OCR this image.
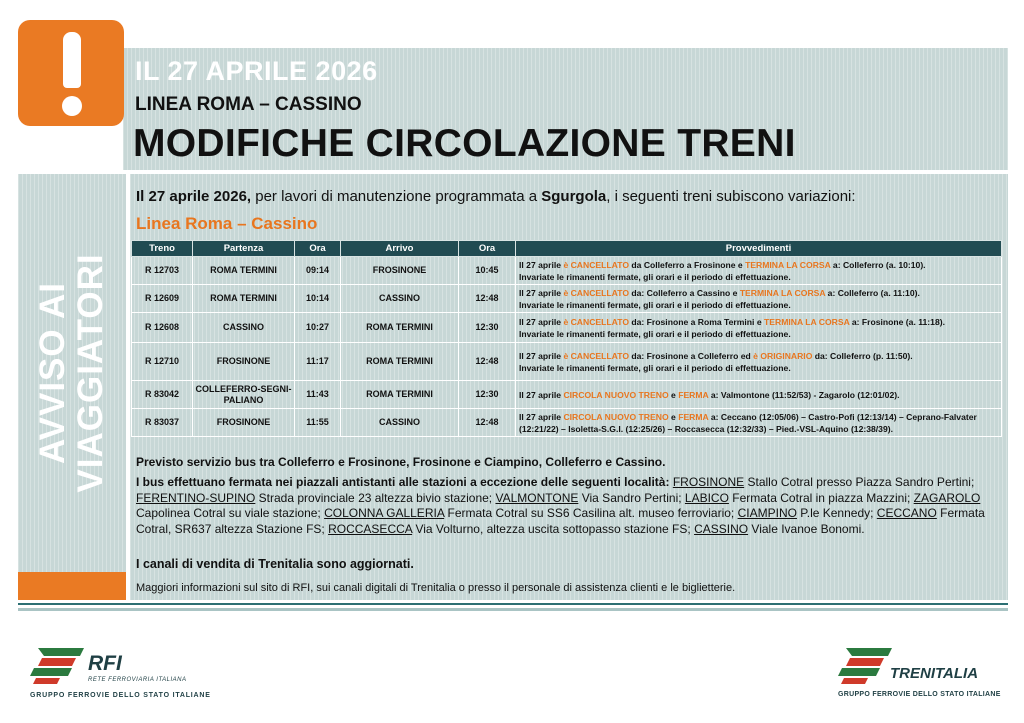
IL 27 APRILE 2026
LINEA ROMA – CASSINO
MODIFICHE CIRCOLAZIONE TRENI
AVVISO AI VIAGGIATORI
Il 27 aprile 2026, per lavori di manutenzione programmata a Sgurgola, i seguenti treni subiscono variazioni:
Linea Roma – Cassino
Treno	Partenza	Ora	Arrivo	Ora	Provvedimenti
R 12703	ROMA TERMINI	09:14	FROSINONE	10:45	Il 27 aprile è CANCELLATO da Colleferro a Frosinone e TERMINA LA CORSA a: Colleferro (a. 10:10).
Invariate le rimanenti fermate, gli orari e il periodo di effettuazione.
R 12609	ROMA TERMINI	10:14	CASSINO	12:48	Il 27 aprile è CANCELLATO da: Colleferro a Cassino e TERMINA LA CORSA a: Colleferro (a. 11:10).
Invariate le rimanenti fermate, gli orari e il periodo di effettuazione.
R 12608	CASSINO	10:27	ROMA TERMINI	12:30	Il 27 aprile è CANCELLATO da: Frosinone a Roma Termini e TERMINA LA CORSA a: Frosinone (a. 11:18).
Invariate le rimanenti fermate, gli orari e il periodo di effettuazione.
R 12710	FROSINONE	11:17	ROMA TERMINI	12:48	Il 27 aprile è CANCELLATO da: Frosinone a Colleferro ed è ORIGINARIO da: Colleferro (p. 11:50).
Invariate le rimanenti fermate, gli orari e il periodo di effettuazione.
R 83042	COLLEFERRO-SEGNI-PALIANO	11:43	ROMA TERMINI	12:30	Il 27 aprile CIRCOLA NUOVO TRENO e FERMA a: Valmontone (11:52/53) - Zagarolo (12:01/02).
R 83037	FROSINONE	11:55	CASSINO	12:48	Il 27 aprile CIRCOLA NUOVO TRENO e FERMA a: Ceccano (12:05/06) – Castro-Pofi (12:13/14) – Ceprano-Falvater (12:21/22) – Isoletta-S.G.I. (12:25/26) – Roccasecca (12:32/33) – Pied.-VSL-Aquino (12:38/39).
Previsto servizio bus tra Colleferro e Frosinone, Frosinone e Ciampino, Colleferro e Cassino.
I bus effettuano fermata nei piazzali antistanti alle stazioni a eccezione delle seguenti località: FROSINONE Stallo Cotral presso Piazza Sandro Pertini; FERENTINO-SUPINO Strada provinciale 23 altezza bivio stazione; VALMONTONE Via Sandro Pertini; LABICO Fermata Cotral in piazza Mazzini; ZAGAROLO Capolinea Cotral su viale stazione; COLONNA GALLERIA Fermata Cotral su SS6 Casilina alt. museo ferroviario; CIAMPINO P.le Kennedy; CECCANO Fermata Cotral, SR637 altezza Stazione FS; ROCCASECCA Via Volturno, altezza uscita sottopasso stazione FS; CASSINO Viale Ivanoe Bonomi.
I canali di vendita di Trenitalia sono aggiornati.
Maggiori informazioni sul sito di RFI, sui canali digitali di Trenitalia o presso il personale di assistenza clienti e le biglietterie.
RFI
RETE FERROVIARIA ITALIANA
GRUPPO FERROVIE DELLO STATO ITALIANE
TRENITALIA
GRUPPO FERROVIE DELLO STATO ITALIANE
